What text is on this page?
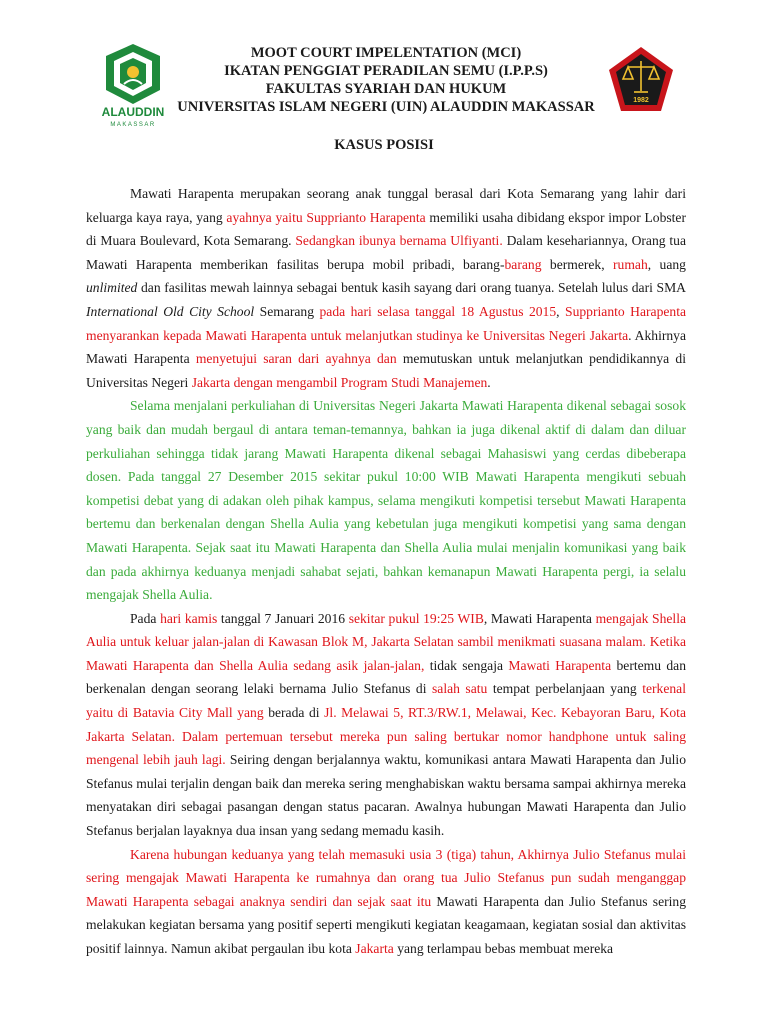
ALAUDDIN
MAKASSAR
MOOT COURT IMPELENTATION (MCI)
IKATAN PENGGIAT PERADILAN SEMU (I.P.P.S)
FAKULTAS SYARIAH DAN HUKUM
UNIVERSITAS ISLAM NEGERI (UIN) ALAUDDIN MAKASSAR	1982
KASUS POSISI

Mawati Harapenta merupakan seorang anak tunggal berasal dari Kota Semarang yang lahir dari keluarga kaya raya, yang ayahnya yaitu Supprianto Harapenta memiliki usaha dibidang ekspor impor Lobster di Muara Boulevard, Kota Semarang. Sedangkan ibunya bernama Ulfiyanti. Dalam kesehariannya, Orang tua Mawati Harapenta memberikan fasilitas berupa mobil pribadi, barang-barang bermerek, rumah, uang unlimited dan fasilitas mewah lainnya sebagai bentuk kasih sayang dari orang tuanya. Setelah lulus dari SMA International Old City School Semarang pada hari selasa tanggal 18 Agustus 2015, Supprianto Harapenta menyarankan kepada Mawati Harapenta untuk melanjutkan studinya ke Universitas Negeri Jakarta. Akhirnya Mawati Harapenta menyetujui saran dari ayahnya dan memutuskan untuk melanjutkan pendidikannya di Universitas Negeri Jakarta dengan mengambil Program Studi Manajemen.

Selama menjalani perkuliahan di Universitas Negeri Jakarta Mawati Harapenta dikenal sebagai sosok yang baik dan mudah bergaul di antara teman-temannya, bahkan ia juga dikenal aktif di dalam dan diluar perkuliahan sehingga tidak jarang Mawati Harapenta dikenal sebagai Mahasiswi yang cerdas dibeberapa dosen. Pada tanggal 27 Desember 2015 sekitar pukul 10:00 WIB Mawati Harapenta mengikuti sebuah kompetisi debat yang di adakan oleh pihak kampus, selama mengikuti kompetisi tersebut Mawati Harapenta bertemu dan berkenalan dengan Shella Aulia yang kebetulan juga mengikuti kompetisi yang sama dengan Mawati Harapenta. Sejak saat itu Mawati Harapenta dan Shella Aulia mulai menjalin komunikasi yang baik dan pada akhirnya keduanya menjadi sahabat sejati, bahkan kemanapun Mawati Harapenta pergi, ia selalu mengajak Shella Aulia.

Pada hari kamis tanggal 7 Januari 2016 sekitar pukul 19:25 WIB, Mawati Harapenta mengajak Shella Aulia untuk keluar jalan-jalan di Kawasan Blok M, Jakarta Selatan sambil menikmati suasana malam. Ketika Mawati Harapenta dan Shella Aulia sedang asik jalan-jalan, tidak sengaja Mawati Harapenta bertemu dan berkenalan dengan seorang lelaki bernama Julio Stefanus di salah satu tempat perbelanjaan yang terkenal yaitu di Batavia City Mall yang berada di Jl. Melawai 5, RT.3/RW.1, Melawai, Kec. Kebayoran Baru, Kota Jakarta Selatan. Dalam pertemuan tersebut mereka pun saling bertukar nomor handphone untuk saling mengenal lebih jauh lagi. Seiring dengan berjalannya waktu, komunikasi antara Mawati Harapenta dan Julio Stefanus mulai terjalin dengan baik dan mereka sering menghabiskan waktu bersama sampai akhirnya mereka menyatakan diri sebagai pasangan dengan status pacaran. Awalnya hubungan Mawati Harapenta dan Julio Stefanus berjalan layaknya dua insan yang sedang memadu kasih.

Karena hubungan keduanya yang telah memasuki usia 3 (tiga) tahun, Akhirnya Julio Stefanus mulai sering mengajak Mawati Harapenta ke rumahnya dan orang tua Julio Stefanus pun sudah menganggap Mawati Harapenta sebagai anaknya sendiri dan sejak saat itu Mawati Harapenta dan Julio Stefanus sering melakukan kegiatan bersama yang positif seperti mengikuti kegiatan keagamaan, kegiatan sosial dan aktivitas positif lainnya. Namun akibat pergaulan ibu kota Jakarta yang terlampau bebas membuat mereka
